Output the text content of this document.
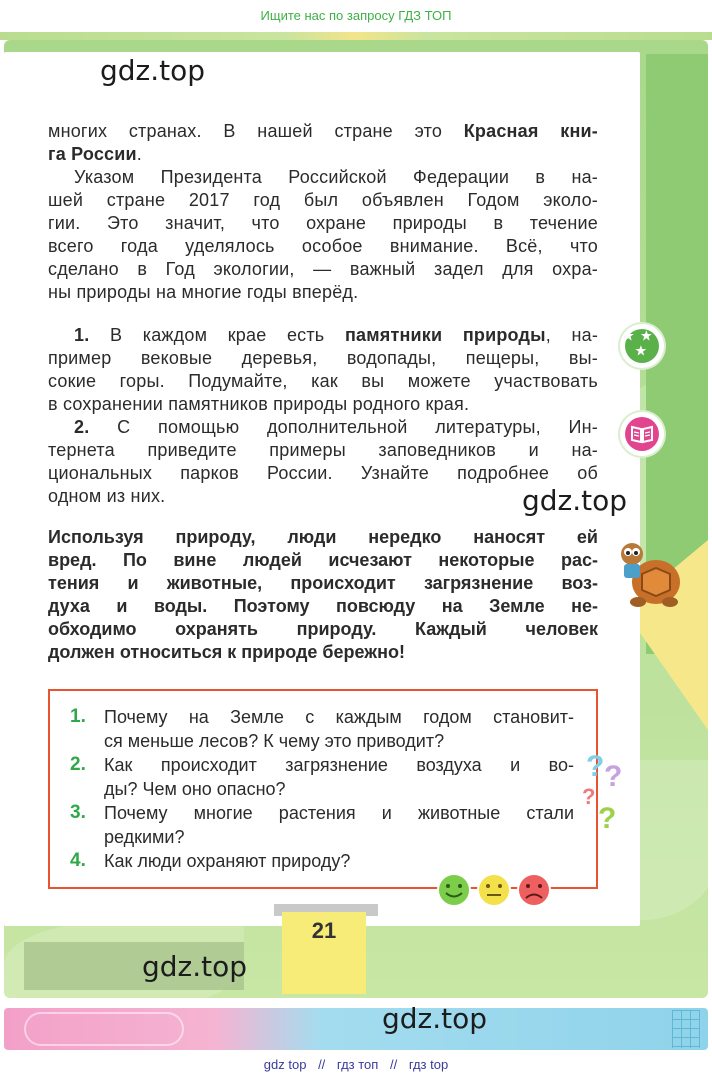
Ищите нас по запросу ГДЗ ТОП
gdz.top
многих странах. В нашей стране это Красная кни-
га России.
Указом Президента Российской Федерации в на-
шей стране 2017 год был объявлен Годом эколо-
гии. Это значит, что охране природы в течение
всего года уделялось особое внимание. Всё, что
сделано в Год экологии, — важный задел для охра-
ны природы на многие годы вперёд.
1. В каждом крае есть памятники природы, на-
пример вековые деревья, водопады, пещеры, вы-
сокие горы. Подумайте, как вы можете участвовать
в сохранении памятников природы родного края.
2. С помощью дополнительной литературы, Ин-
тернета приведите примеры заповедников и на-
циональных парков России. Узнайте подробнее об
одном из них.	gdz.top
Используя природу, люди нередко наносят ей
вред. По вине людей исчезают некоторые рас-
тения и животные, происходит загрязнение воз-
духа и воды. Поэтому повсюду на Земле не-
обходимо охранять природу. Каждый человек
должен относиться к природе бережно!
1. Почему на Земле с каждым годом становит-
ся меньше лесов? К чему это приводит?
2. Как происходит загрязнение воздуха и во-
ды? Чем оно опасно?
3. Почему многие растения и животные стали
редкими?
4. Как люди охраняют природу?
? ?
?
?
21
gdz.top
gdz.top
gdz top // гдз топ // гдз top
